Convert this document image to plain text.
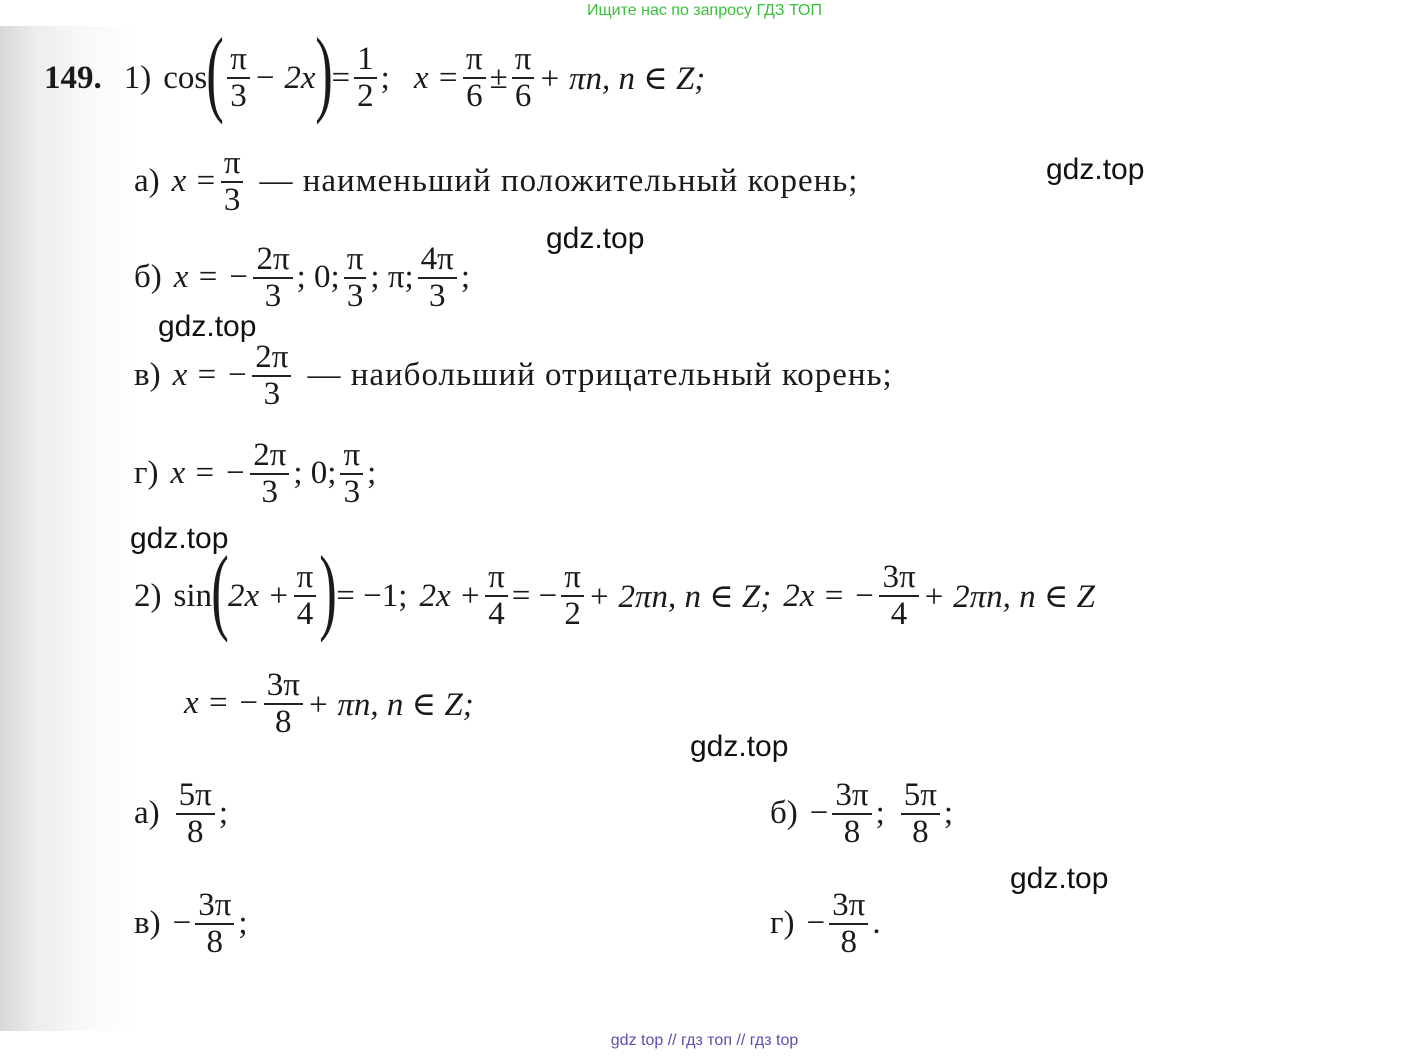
Ищите нас по запросу ГДЗ ТОП
149. 1) cos ( $\frac{\pi}{3} - 2x$ ) = $\frac{1}{2}$ ; $x = \frac{\pi}{6} \pm \frac{\pi}{6} + \pi n$, n ∈ Z;
а) $x = \frac{\pi}{3}$ — наименьший положительный корень;
б) x = − $\frac{2\pi}{3}$ ; 0; $\frac{\pi}{3}$ ; π; $\frac{4\pi}{3}$ ;
в) x = − $\frac{2\pi}{3}$ — наибольший отрицательный корень;
г) x = − $\frac{2\pi}{3}$ ; 0; $\frac{\pi}{3}$ ;
2) sin ( $2x + \frac{\pi}{4}$ ) = −1; $2x + \frac{\pi}{4}$ = − $\frac{\pi}{2} + 2\pi n$, n ∈ Z; 2x = − $\frac{3\pi}{4} + 2\pi n$, n ∈ Z
x = − $\frac{3\pi}{8} + \pi n$, n ∈ Z;
$а) \frac{5\pi}{8}$ ;	$б) - \frac{3\pi}{8}$ ; $\frac{5\pi}{8}$ ;
$в) - \frac{3\pi}{8}$ ;	$г) - \frac{3\pi}{8}$ .
gdz.top
gdz.top
gdz.top
gdz.top
gdz.top
gdz.top
gdz top // гдз топ // гдз top
